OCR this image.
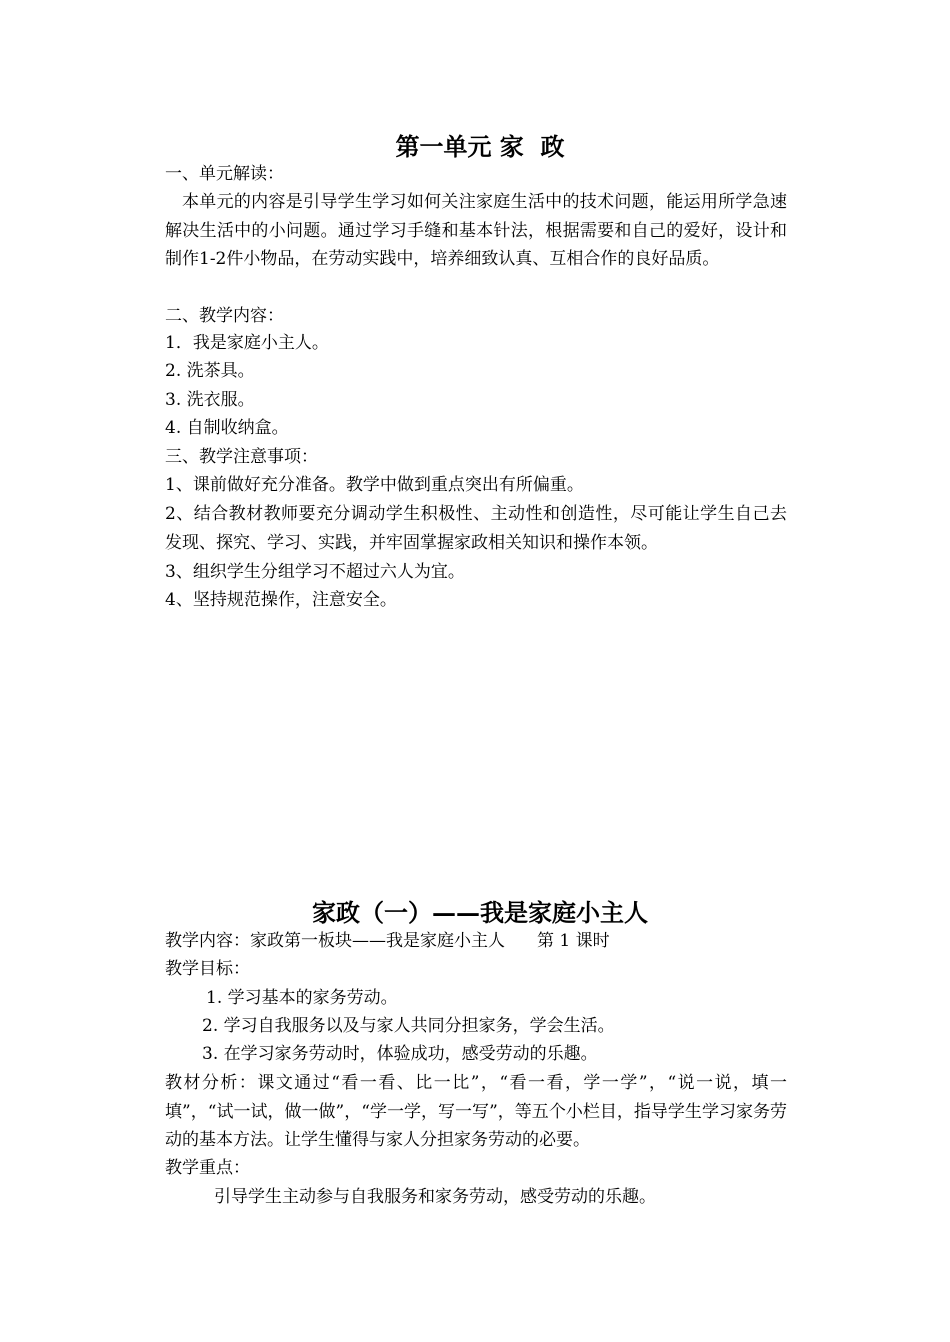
第一单元 家  政
一、单元解读：
本单元的内容是引导学生学习如何关注家庭生活中的技术问题，能运用所学急速解决生活中的小问题。通过学习手缝和基本针法，根据需要和自己的爱好，设计和制作1-2件小物品，在劳动实践中，培养细致认真、互相合作的良好品质。
二、教学内容：
1．我是家庭小主人。
2. 洗茶具。
3. 洗衣服。
4. 自制收纳盒。
三、教学注意事项：
1、课前做好充分准备。教学中做到重点突出有所偏重。
2、结合教材教师要充分调动学生积极性、主动性和创造性，尽可能让学生自己去发现、探究、学习、实践，并牢固掌握家政相关知识和操作本领。
3、组织学生分组学习不超过六人为宜。
4、坚持规范操作，注意安全。
家政（一）——我是家庭小主人
教学内容：家政第一板块——我是家庭小主人 第 1 课时
教学目标：
1. 学习基本的家务劳动。
2. 学习自我服务以及与家人共同分担家务，学会生活。
3. 在学习家务劳动时，体验成功，感受劳动的乐趣。
教材分析：课文通过“看一看、比一比”，“看一看，学一学”，“说一说，填一填”，“试一试，做一做”，“学一学，写一写”，等五个小栏目，指导学生学习家务劳动的基本方法。让学生懂得与家人分担家务劳动的必要。
教学重点：
引导学生主动参与自我服务和家务劳动，感受劳动的乐趣。
